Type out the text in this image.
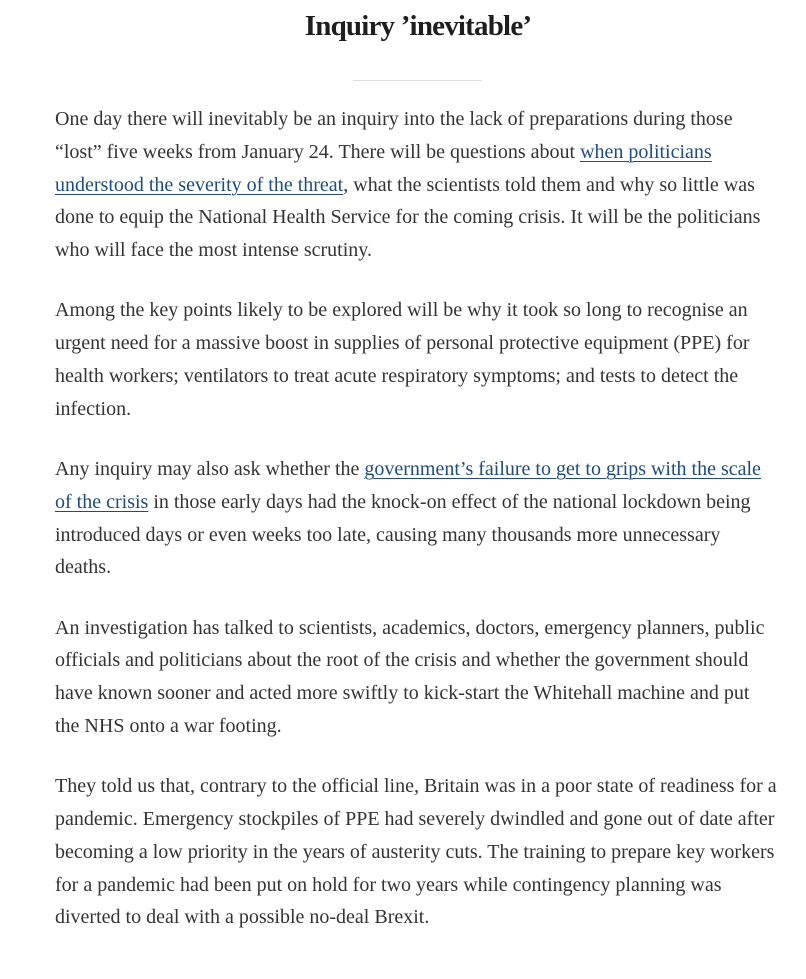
Inquiry ’inevitable’

One day there will inevitably be an inquiry into the lack of preparations during those “lost” five weeks from January 24. There will be questions about when politicians understood the severity of the threat, what the scientists told them and why so little was done to equip the National Health Service for the coming crisis. It will be the politicians who will face the most intense scrutiny.

Among the key points likely to be explored will be why it took so long to recognise an urgent need for a massive boost in supplies of personal protective equipment (PPE) for health workers; ventilators to treat acute respiratory symptoms; and tests to detect the infection.

Any inquiry may also ask whether the government’s failure to get to grips with the scale of the crisis in those early days had the knock-on effect of the national lockdown being introduced days or even weeks too late, causing many thousands more unnecessary deaths.

An investigation has talked to scientists, academics, doctors, emergency planners, public officials and politicians about the root of the crisis and whether the government should have known sooner and acted more swiftly to kick-start the Whitehall machine and put the NHS onto a war footing.

They told us that, contrary to the official line, Britain was in a poor state of readiness for a pandemic. Emergency stockpiles of PPE had severely dwindled and gone out of date after becoming a low priority in the years of austerity cuts. The training to prepare key workers for a pandemic had been put on hold for two years while contingency planning was diverted to deal with a possible no-deal Brexit.
